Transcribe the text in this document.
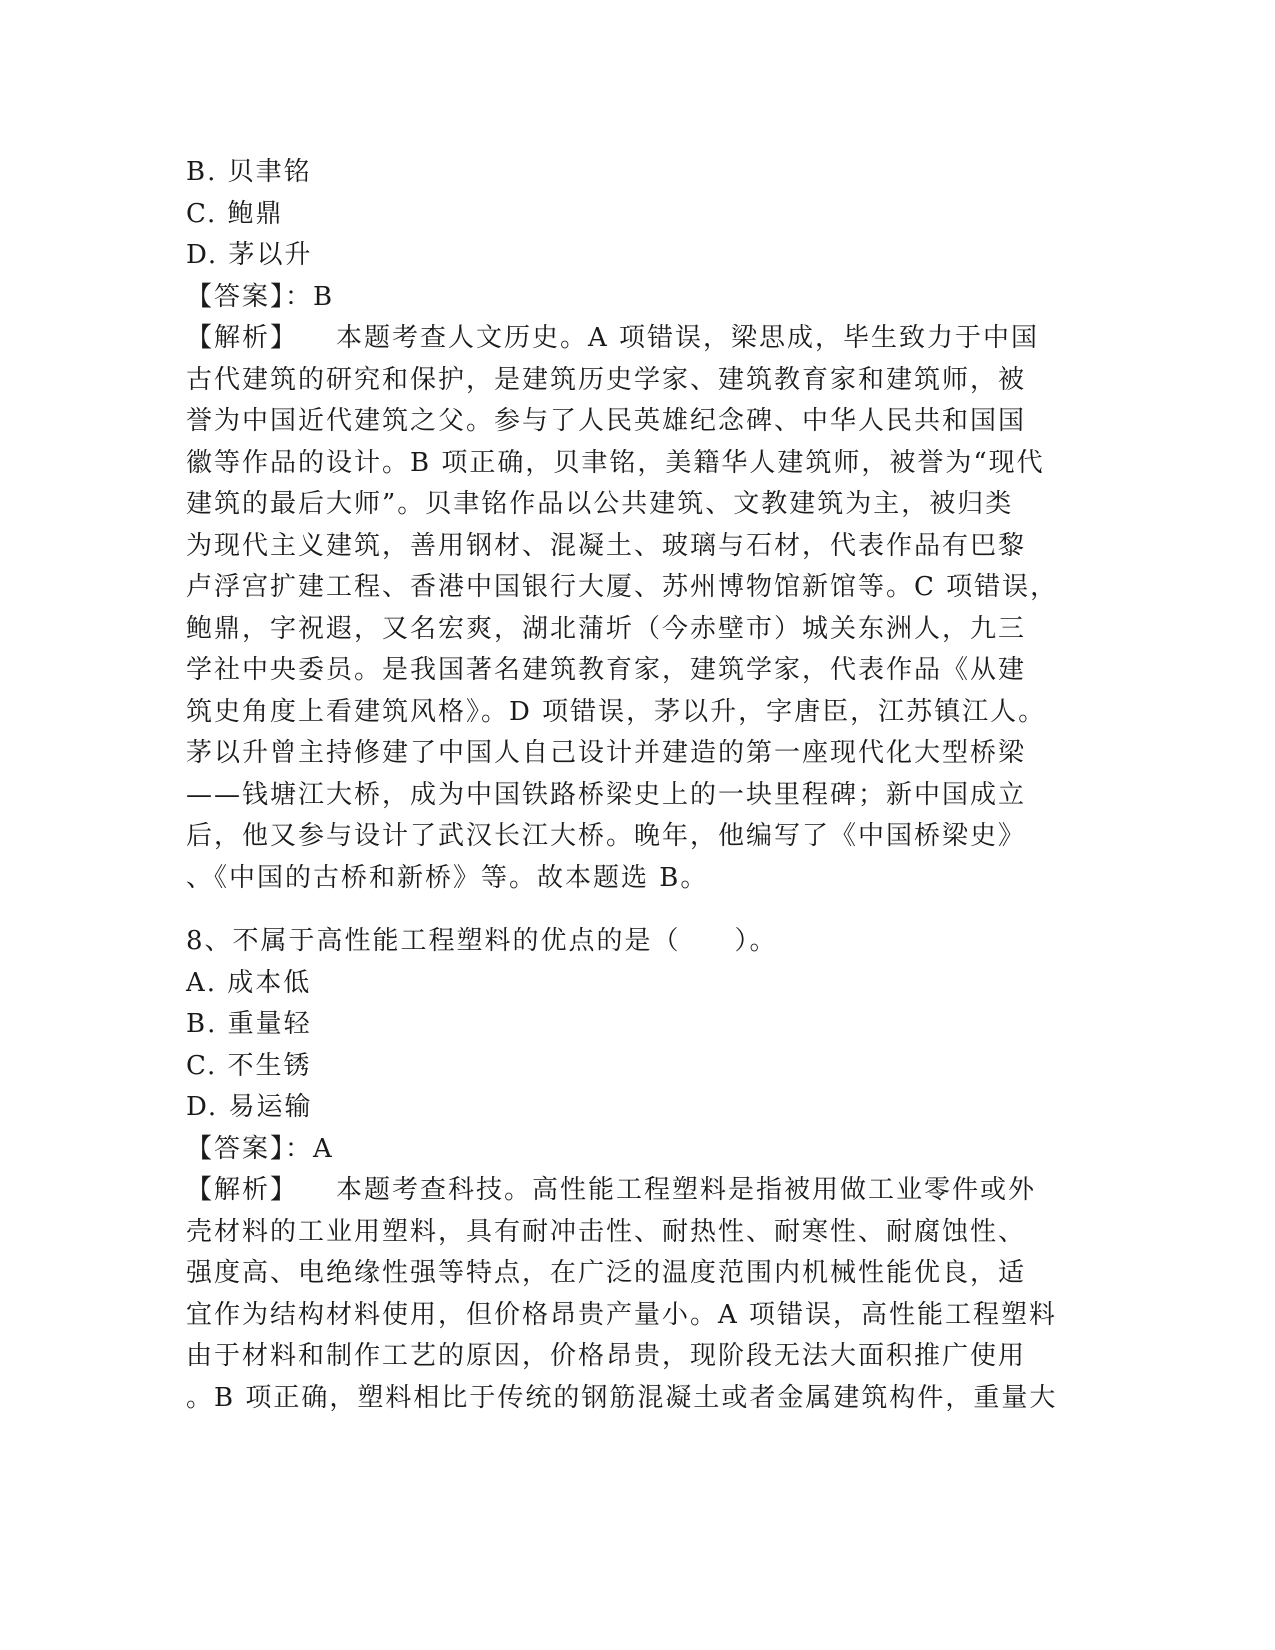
B. 贝聿铭
C. 鲍鼎
D. 茅以升
【答案】：B
【解析】 本题考查人文历史。A 项错误，梁思成，毕生致力于中国
古代建筑的研究和保护，是建筑历史学家、建筑教育家和建筑师，被
誉为中国近代建筑之父。参与了人民英雄纪念碑、中华人民共和国国
徽等作品的设计。B 项正确，贝聿铭，美籍华人建筑师，被誉为“现代
建筑的最后大师”。贝聿铭作品以公共建筑、文教建筑为主，被归类
为现代主义建筑，善用钢材、混凝土、玻璃与石材，代表作品有巴黎
卢浮宫扩建工程、香港中国银行大厦、苏州博物馆新馆等。C 项错误，
鲍鼎，字祝遐，又名宏爽，湖北蒲圻（今赤壁市）城关东洲人，九三
学社中央委员。是我国著名建筑教育家，建筑学家，代表作品《从建
筑史角度上看建筑风格》。D 项错误，茅以升，字唐臣，江苏镇江人。
茅以升曾主持修建了中国人自己设计并建造的第一座现代化大型桥梁
——钱塘江大桥，成为中国铁路桥梁史上的一块里程碑；新中国成立
后，他又参与设计了武汉长江大桥。晚年，他编写了《中国桥梁史》
、《中国的古桥和新桥》等。故本题选 B。
8、不属于高性能工程塑料的优点的是（ ）。
A. 成本低
B. 重量轻
C. 不生锈
D. 易运输
【答案】：A
【解析】 本题考查科技。高性能工程塑料是指被用做工业零件或外
壳材料的工业用塑料，具有耐冲击性、耐热性、耐寒性、耐腐蚀性、
强度高、电绝缘性强等特点，在广泛的温度范围内机械性能优良，适
宜作为结构材料使用，但价格昂贵产量小。A 项错误，高性能工程塑料
由于材料和制作工艺的原因，价格昂贵，现阶段无法大面积推广使用
。B 项正确，塑料相比于传统的钢筋混凝土或者金属建筑构件，重量大
